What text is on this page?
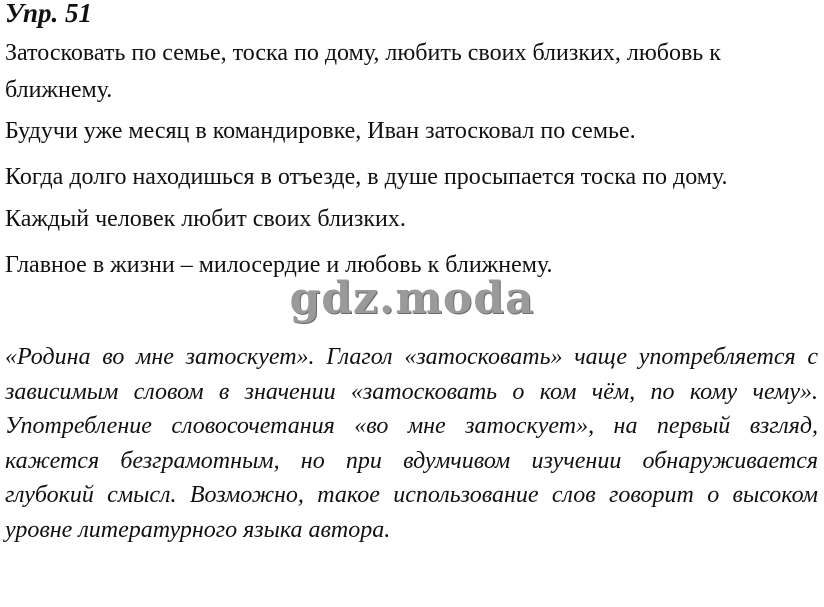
Упр. 51
Затосковать по семье, тоска по дому, любить своих близких, любовь к
ближнему.
Будучи уже месяц в командировке, Иван затосковал по семье.
Когда долго находишься в отъезде, в душе просыпается тоска по дому.
Каждый человек любит своих близких.
Главное в жизни – милосердие и любовь к ближнему.
gdz.moda
«Родина во мне затоскует». Глагол «затосковать» чаще употребляется с зависимым словом в значении «затосковать о ком чём, по кому чему». Употребление словосочетания «во мне затоскует», на первый взгляд, кажется безграмотным, но при вдумчивом изучении обнаруживается глубокий смысл. Возможно, такое использование слов говорит о высоком уровне литературного языка автора.
